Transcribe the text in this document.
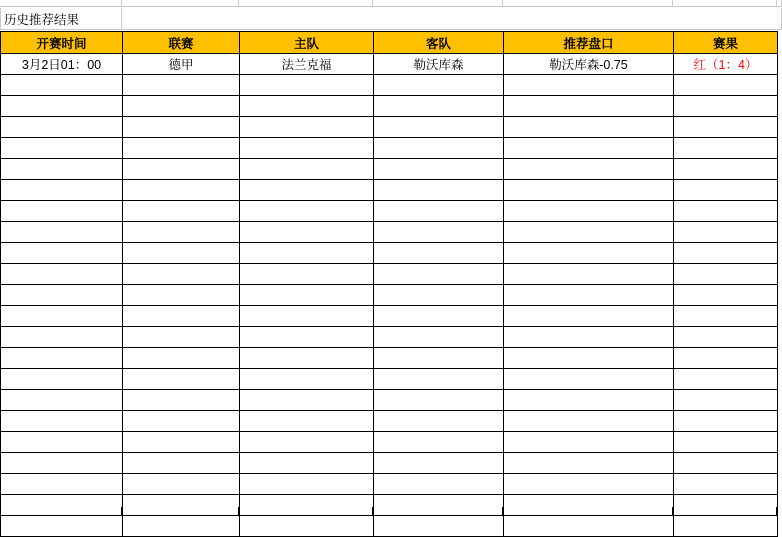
历史推荐结果
开赛时间	联赛	主队	客队	推荐盘口	赛果
3月2日01：00	德甲	法兰克福	勒沃库森	勒沃库森-0.75	红（1：4）
